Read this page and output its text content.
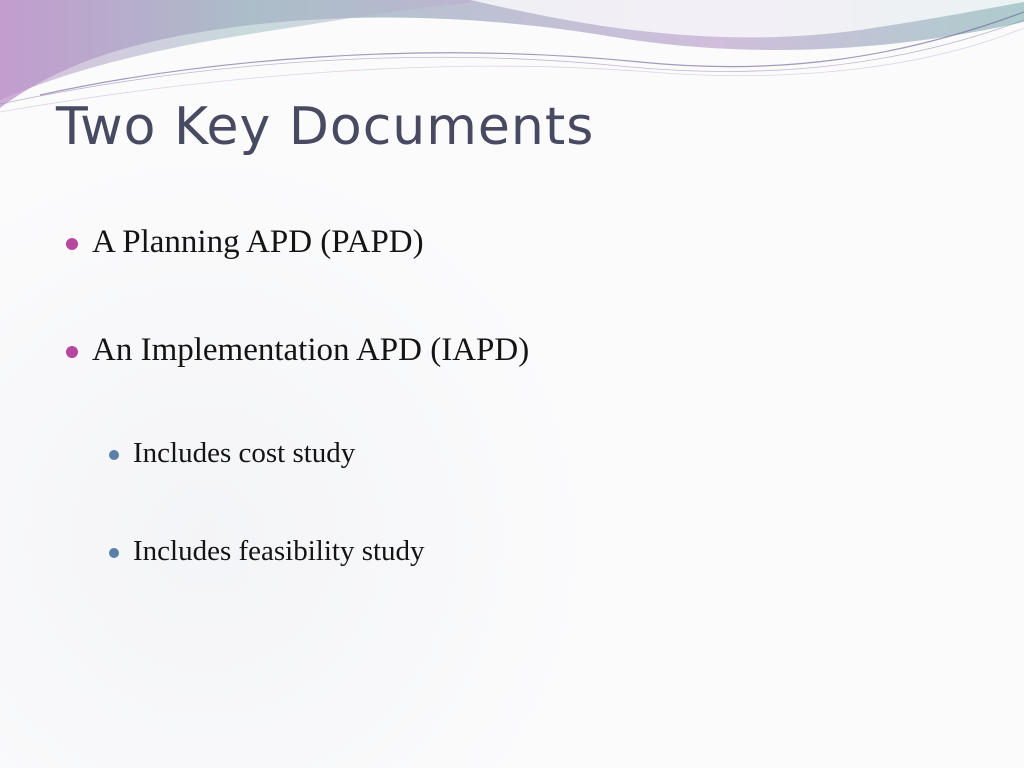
Two Key Documents
A Planning APD (PAPD)
An Implementation APD (IAPD)
Includes cost study
Includes feasibility study
